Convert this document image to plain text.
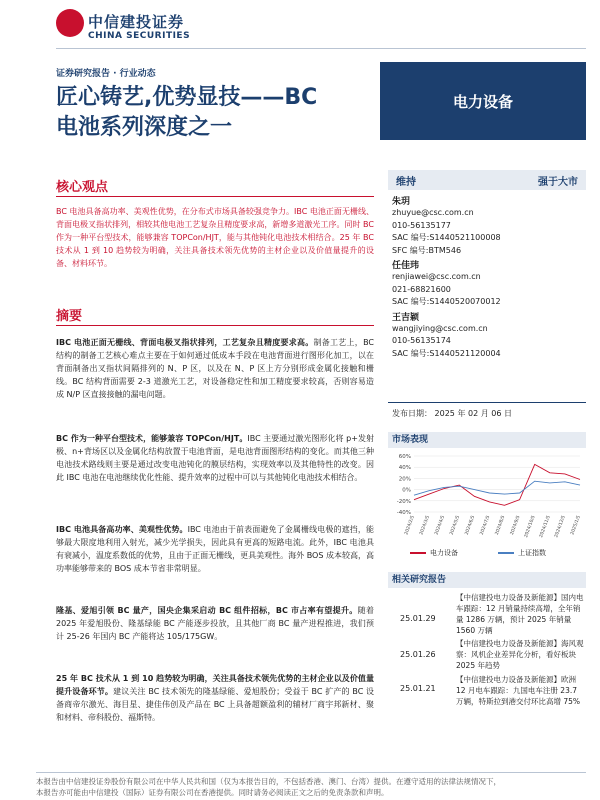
中信建投证券
CHINA SECURITIES
证券研究报告 · 行业动态
匠心铸艺,优势显技——BC
电池系列深度之一
电力设备
核心观点
BC 电池具备高功率、美观性优势，在分布式市场具备较强竞争力。IBC 电池正面无栅线、背面电极叉指状排列，相较其他电池工艺复杂且精度要求高，新增多道激光工序。同时 BC 作为一种平台型技术，能够兼容 TOPCon/HJT，能与其他钝化电池技术相结合。25 年 BC 技术从 1 到 10 趋势较为明确，关注具备技术领先优势的主材企业以及价值量提升的设备、材料环节。
摘要
IBC 电池正面无栅线、背面电极叉指状排列，工艺复杂且精度要求高。制备工艺上，BC 结构的制备工艺核心难点主要在于如何通过低成本手段在电池背面进行图形化加工，以在背面制备出叉指状间隔排列的 N、P 区，以及在 N、P 区上方分别形成金属化接触和栅线。BC 结构背面需要 2-3 道激光工艺，对设备稳定性和加工精度要求较高，否则容易造成 N/P 区直接接触的漏电问题。
BC 作为一种平台型技术，能够兼容 TOPCon/HJT。IBC 主要通过激光图形化将 p+发射极、n+背场区以及金属化结构放置于电池背面，是电池背面图形结构的变化。而其他三种电池技术路线则主要是通过改变电池钝化的膜层结构，实现效率以及其他特性的改变。因此 IBC 电池在电池继续优化性能、提升效率的过程中可以与其他钝化电池技术相结合。
IBC 电池具备高功率、美观性优势。IBC 电池由于前表面避免了金属栅线电极的遮挡，能够最大限度地利用入射光，减少光学损失，因此具有更高的短路电流。此外，IBC 电池具有衰减小，温度系数低的优势，且由于正面无栅线，更具美观性。海外 BOS 成本较高，高功率能够带来的 BOS 成本节省非常明显。
隆基、爱旭引领 BC 量产，国央企集采启动 BC 组件招标，BC 市占率有望提升。随着 2025 年爱旭股份、隆基绿能 BC 产能逐步投放，且其他厂商 BC 量产进程推进，我们预计 25-26 年国内 BC 产能将达 105/175GW。
25 年 BC 技术从 1 到 10 趋势较为明确，关注具备技术领先优势的主材企业以及价值量提升设备环节。建议关注 BC 技术领先的隆基绿能、爱旭股份；受益于 BC 扩产的 BC 设备商帝尔激光、海目星、捷佳伟创及产品在 BC 上具备超额盈利的辅材厂商宇邦新材、聚和材料、帝科股份、福斯特。
维持	强于大市
朱玥
zhuyue@csc.com.cn
010-56135177
SAC 编号:S1440521100008
SFC 编号:BTM546
任佳玮
renjiawei@csc.com.cn
021-68821600
SAC 编号:S1440520070012
王吉颖
wangjiying@csc.com.cn
010-56135174
SAC 编号:S1440521120004
发布日期： 2025 年 02 月 06 日
市场表现
60%
40%
20%
0%
-20%
-40%
2024/2/5 2024/3/5 2024/4/5 2024/5/5 2024/6/5 2024/7/5 2024/8/5 2024/9/5 2024/10/5 2024/11/5 2024/12/5 2025/1/5
电力设备	上证指数
相关研究报告
25.01.29
【中信建投电力设备及新能源】国内电车跟踪：12 月销量持续高增，全年销量 1286 万辆，预计 2025 年销量 1560 万辆
25.01.26
【中信建投电力设备及新能源】海风观察：风机企业差异化分析，看好板块 2025 年趋势
25.01.21
【中信建投电力设备及新能源】欧洲 12 月电车跟踪：九国电车注册 23.7 万辆，特斯拉到港交付环比高增 75%
本报告由中信建投证券股份有限公司在中华人民共和国（仅为本报告目的，不包括香港、澳门、台湾）提供。在遵守适用的法律法规情况下，
本报告亦可能由中信建投（国际）证券有限公司在香港提供。同时请务必阅读正文之后的免责条款和声明。
